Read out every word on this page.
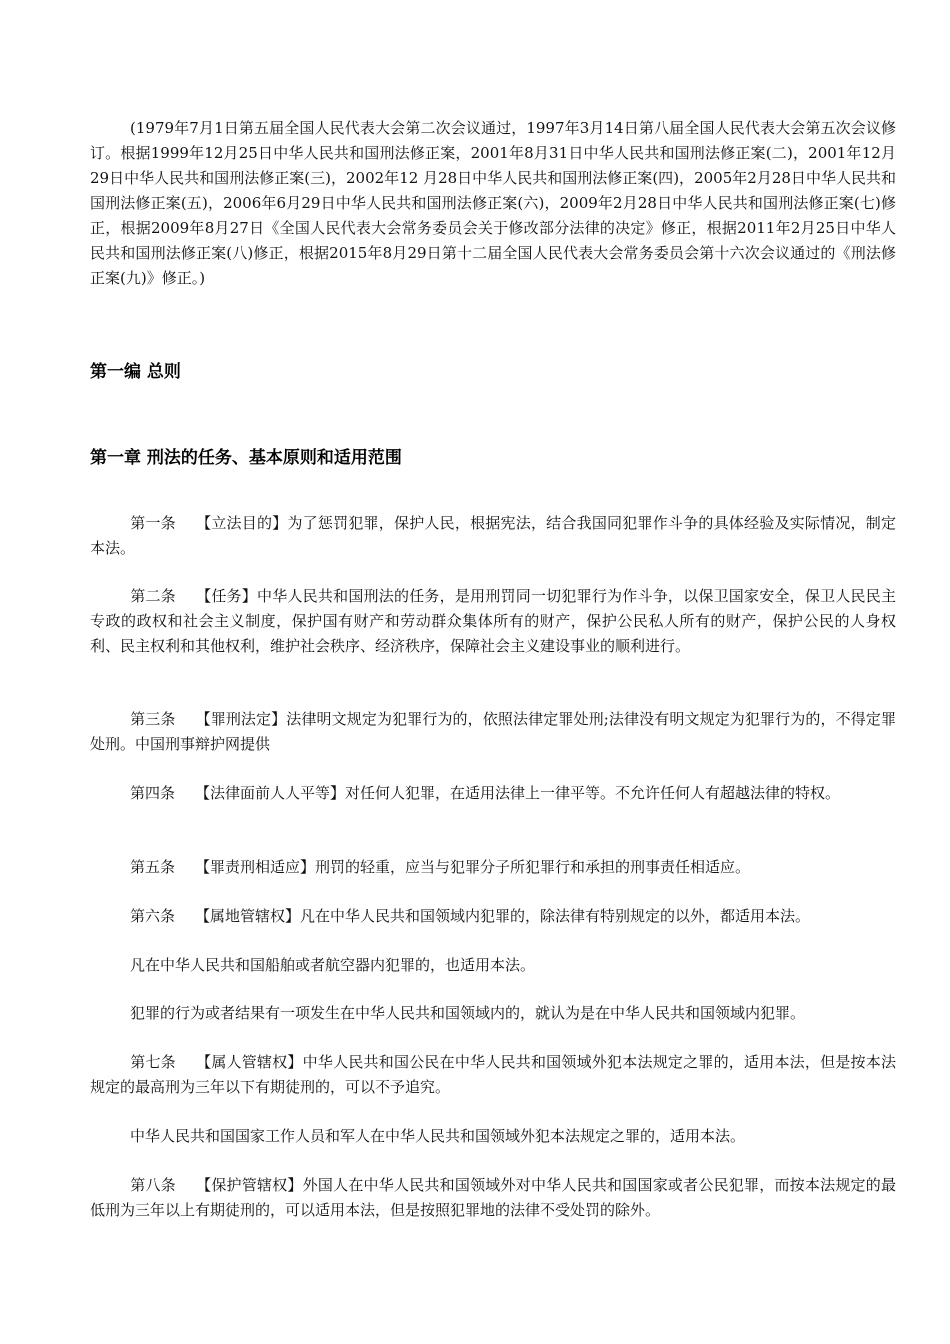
(1979年7月1日第五届全国人民代表大会第二次会议通过，1997年3月14日第八届全国人民代表大会第五次会议修订。根据1999年12月25日中华人民共和国刑法修正案，2001年8月31日中华人民共和国刑法修正案(二)，2001年12月29日中华人民共和国刑法修正案(三)，2002年12 月28日中华人民共和国刑法修正案(四)，2005年2月28日中华人民共和国刑法修正案(五)，2006年6月29日中华人民共和国刑法修正案(六)，2009年2月28日中华人民共和国刑法修正案(七)修正，根据2009年8月27日《全国人民代表大会常务委员会关于修改部分法律的决定》修正，根据2011年2月25日中华人民共和国刑法修正案(八)修正，根据2015年8月29日第十二届全国人民代表大会常务委员会第十六次会议通过的《刑法修正案(九)》修正。)

第一编 总则
第一章 刑法的任务、基本原则和适用范围

第一条 【立法目的】为了惩罚犯罪，保护人民，根据宪法，结合我国同犯罪作斗争的具体经验及实际情况，制定本法。

第二条 【任务】中华人民共和国刑法的任务，是用刑罚同一切犯罪行为作斗争，以保卫国家安全，保卫人民民主专政的政权和社会主义制度，保护国有财产和劳动群众集体所有的财产，保护公民私人所有的财产，保护公民的人身权利、民主权利和其他权利，维护社会秩序、经济秩序，保障社会主义建设事业的顺利进行。

第三条 【罪刑法定】法律明文规定为犯罪行为的，依照法律定罪处刑;法律没有明文规定为犯罪行为的，不得定罪处刑。中国刑事辩护网提供

第四条 【法律面前人人平等】对任何人犯罪，在适用法律上一律平等。不允许任何人有超越法律的特权。

第五条 【罪责刑相适应】刑罚的轻重，应当与犯罪分子所犯罪行和承担的刑事责任相适应。

第六条 【属地管辖权】凡在中华人民共和国领域内犯罪的，除法律有特别规定的以外，都适用本法。

凡在中华人民共和国船舶或者航空器内犯罪的，也适用本法。

犯罪的行为或者结果有一项发生在中华人民共和国领域内的，就认为是在中华人民共和国领域内犯罪。

第七条 【属人管辖权】中华人民共和国公民在中华人民共和国领域外犯本法规定之罪的，适用本法，但是按本法规定的最高刑为三年以下有期徒刑的，可以不予追究。

中华人民共和国国家工作人员和军人在中华人民共和国领域外犯本法规定之罪的，适用本法。

第八条 【保护管辖权】外国人在中华人民共和国领域外对中华人民共和国国家或者公民犯罪，而按本法规定的最低刑为三年以上有期徒刑的，可以适用本法，但是按照犯罪地的法律不受处罚的除外。
